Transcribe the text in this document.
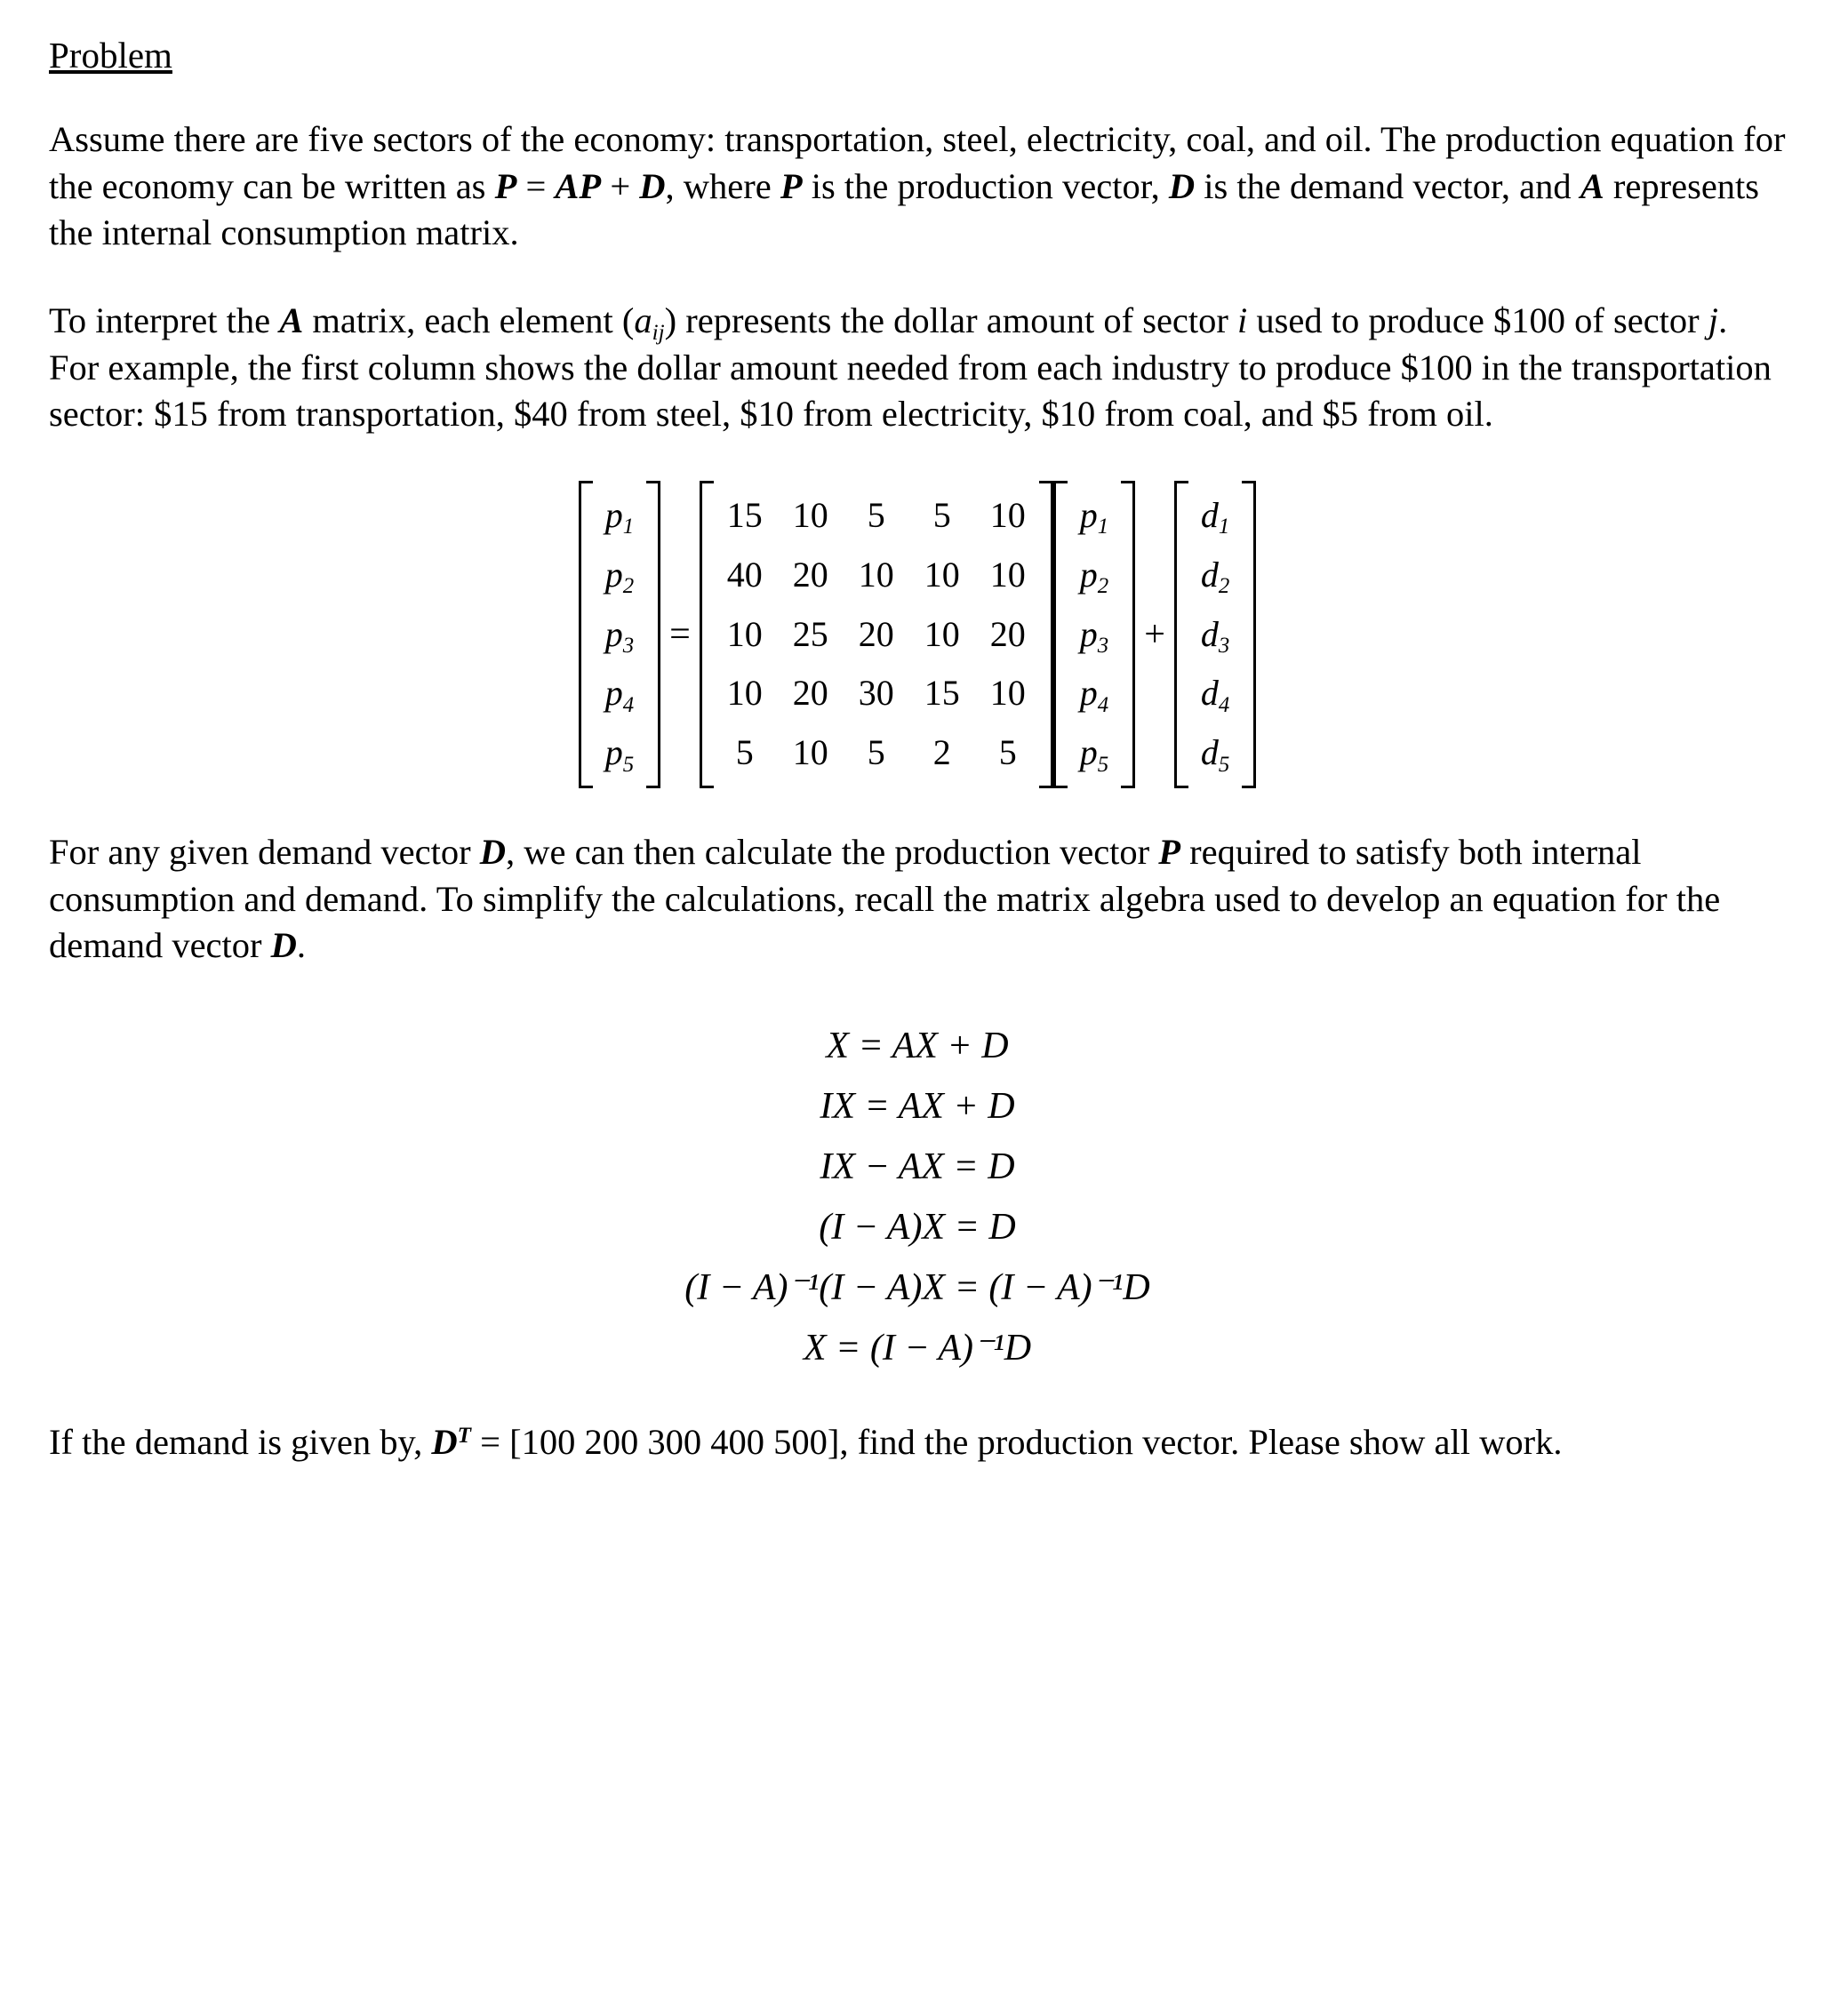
Problem

Assume there are five sectors of the economy: transportation, steel, electricity, coal, and oil. The production equation for the economy can be written as P = AP + D, where P is the production vector, D is the demand vector, and A represents the internal consumption matrix.

To interpret the A matrix, each element $(a_{ij})$ represents the dollar amount of sector i used to produce $100 of sector j. For example, the first column shows the dollar amount needed from each industry to produce $100 in the transportation sector: $15 from transportation, $40 from steel, $10 from electricity, $10 from coal, and $5 from oil.

$p_1$
$p_2$
$p_3$
$p_4$
$p_5$
=
15	10	5	5	10
40	20	10	10	10
10	25	20	10	20
10	20	30	15	10
5	10	5	2	5
$p_1$
$p_2$
$p_3$
$p_4$
$p_5$
+
$d_1$
$d_2$
$d_3$
$d_4$
$d_5$

For any given demand vector D, we can then calculate the production vector P required to satisfy both internal consumption and demand. To simplify the calculations, recall the matrix algebra used to develop an equation for the demand vector D.

X = AX + D
IX = AX + D
IX − AX = D
(I − A)X = D
(I − A)⁻¹(I − A)X = (I − A)⁻¹D
X = (I − A)⁻¹D

If the demand is given by, $D^T = [100$ 200 300 400 500], find the production vector. Please show all work.
